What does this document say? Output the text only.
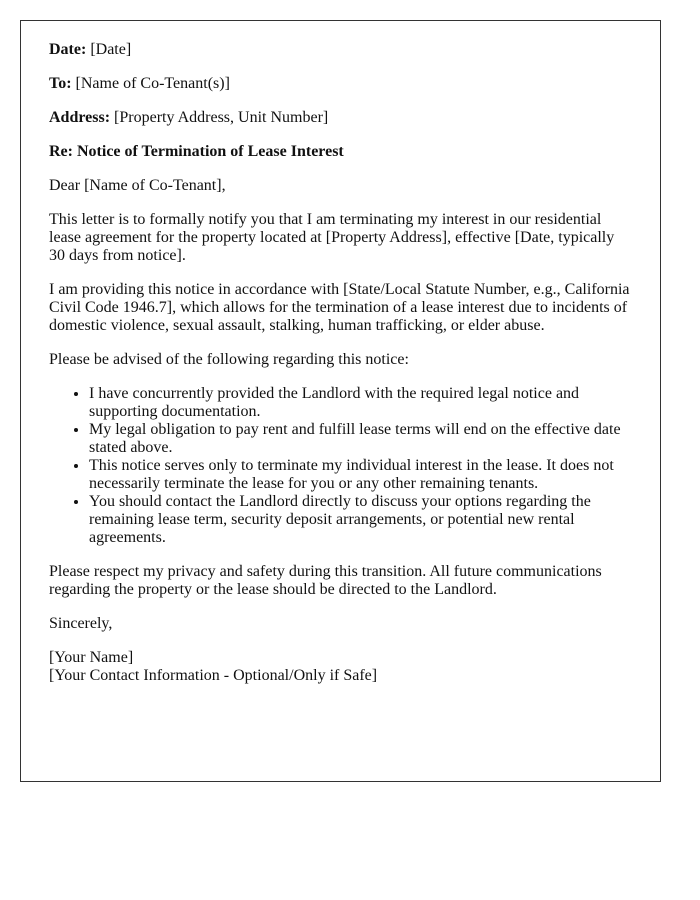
Date: [Date]

To: [Name of Co-Tenant(s)]

Address: [Property Address, Unit Number]

Re: Notice of Termination of Lease Interest

Dear [Name of Co-Tenant],

This letter is to formally notify you that I am terminating my interest in our residential lease agreement for the property located at [Property Address], effective [Date, typically 30 days from notice].

I am providing this notice in accordance with [State/Local Statute Number, e.g., California Civil Code 1946.7], which allows for the termination of a lease interest due to incidents of domestic violence, sexual assault, stalking, human trafficking, or elder abuse.

Please be advised of the following regarding this notice:

• I have concurrently provided the Landlord with the required legal notice and supporting documentation.
• My legal obligation to pay rent and fulfill lease terms will end on the effective date stated above.
• This notice serves only to terminate my individual interest in the lease. It does not necessarily terminate the lease for you or any other remaining tenants.
• You should contact the Landlord directly to discuss your options regarding the remaining lease term, security deposit arrangements, or potential new rental agreements.

Please respect my privacy and safety during this transition. All future communications regarding the property or the lease should be directed to the Landlord.

Sincerely,

[Your Name]

[Your Contact Information - Optional/Only if Safe]
